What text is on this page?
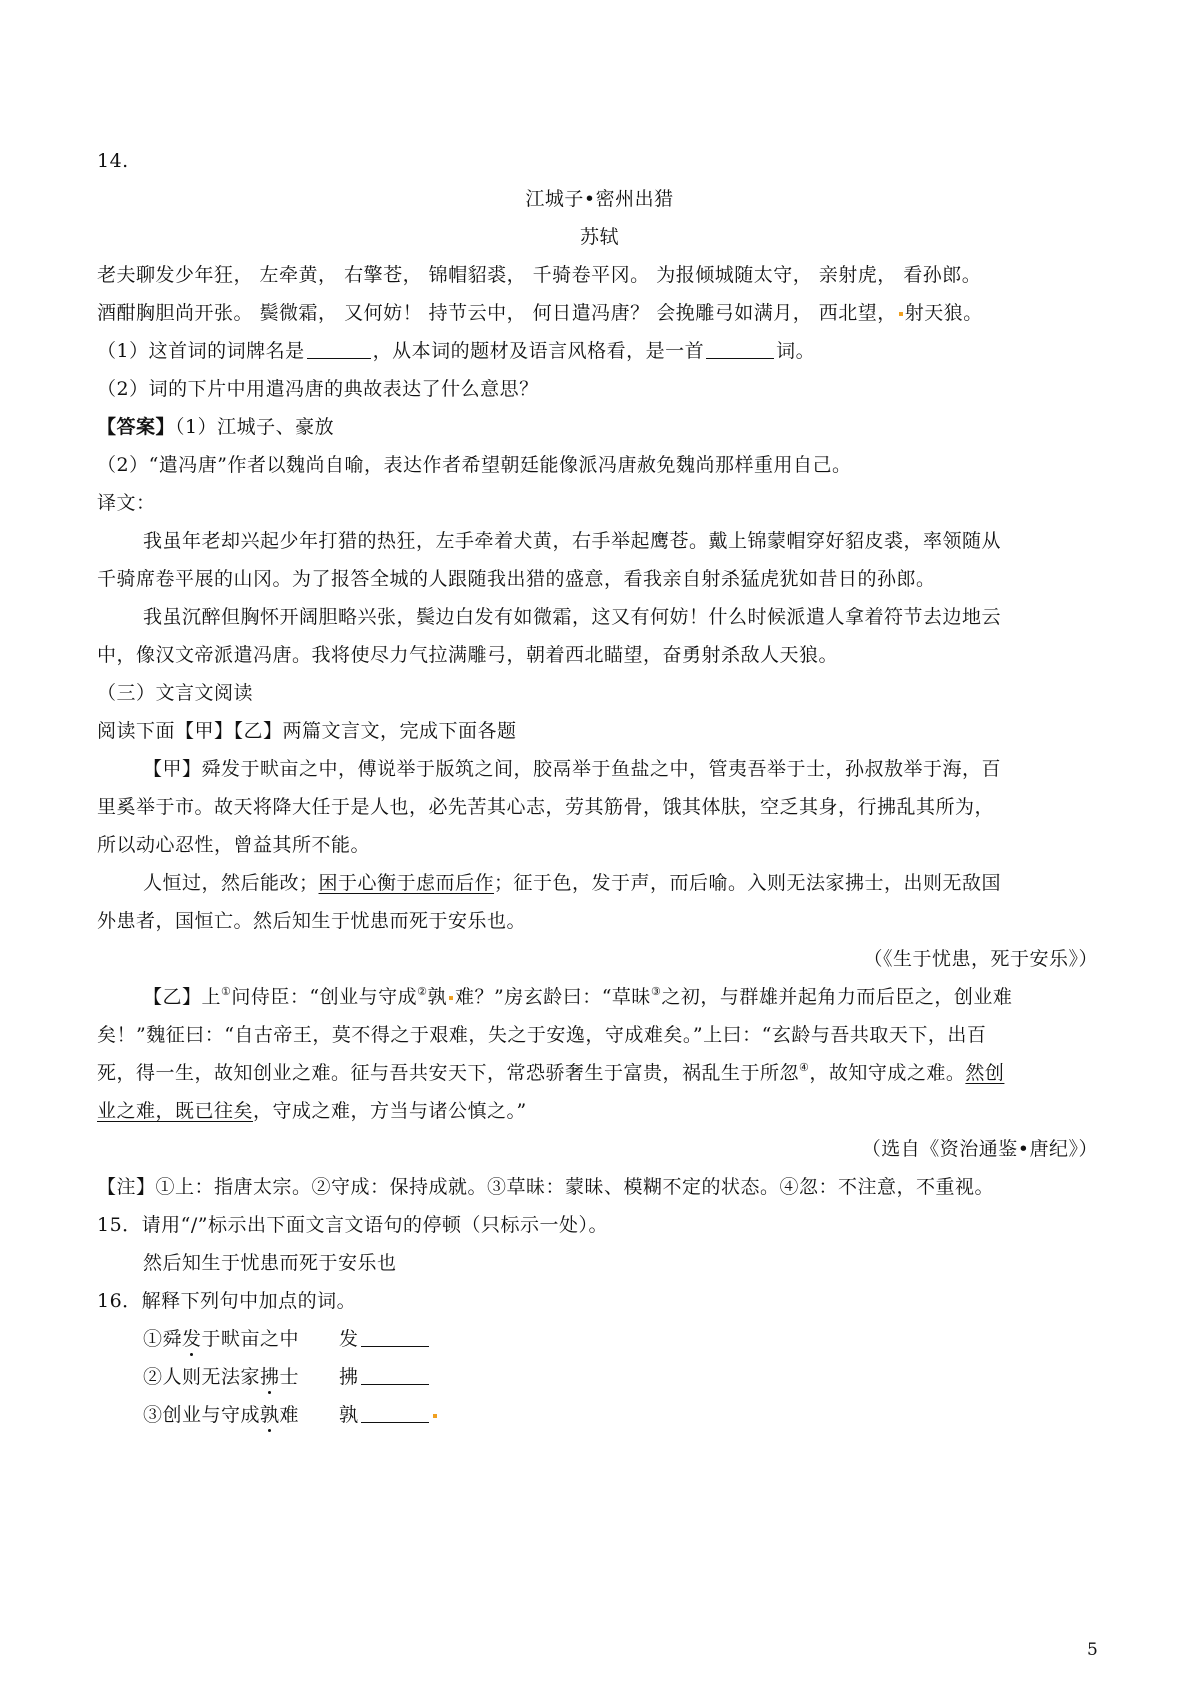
14.
江城子•密州出猎
苏轼
老夫聊发少年狂， 左牵黄， 右擎苍， 锦帽貂裘， 千骑卷平冈。 为报倾城随太守， 亲射虎， 看孙郎。
酒酣胸胆尚开张。 鬓微霜， 又何妨！ 持节云中， 何日遣冯唐？ 会挽雕弓如满月， 西北望， 射天狼。
（1）这首词的词牌名是	，从本词的题材及语言风格看，是一首	词。
（2）词的下片中用遣冯唐的典故表达了什么意思？
【答案】（1）江城子、豪放
（2）“遣冯唐”作者以魏尚自喻，表达作者希望朝廷能像派冯唐赦免魏尚那样重用自己。
译文：
我虽年老却兴起少年打猎的热狂，左手牵着犬黄，右手举起鹰苍。戴上锦蒙帽穿好貂皮裘，率领随从
千骑席卷平展的山冈。为了报答全城的人跟随我出猎的盛意，看我亲自射杀猛虎犹如昔日的孙郎。
我虽沉醉但胸怀开阔胆略兴张，鬓边白发有如微霜，这又有何妨！什么时候派遣人拿着符节去边地云
中，像汉文帝派遣冯唐。我将使尽力气拉满雕弓，朝着西北瞄望，奋勇射杀敌人天狼。
（三）文言文阅读
阅读下面【甲】【乙】两篇文言文，完成下面各题
【甲】舜发于畎亩之中，傅说举于版筑之间，胶鬲举于鱼盐之中，管夷吾举于士，孙叔敖举于海，百
里奚举于市。故天将降大任于是人也，必先苦其心志，劳其筋骨，饿其体肤，空乏其身，行拂乱其所为，
所以动心忍性，曾益其所不能。
人恒过，然后能改；困于心衡于虑而后作；征于色，发于声，而后喻。入则无法家拂士，出则无敌国
外患者，国恒亡。然后知生于忧患而死于安乐也。
（《生于忧患，死于安乐》）
【乙】上①问侍臣：“创业与守成②孰 难？”房玄龄曰：“草昧③之初，与群雄并起角力而后臣之，创业难
矣！”魏征曰：“自古帝王，莫不得之于艰难，失之于安逸，守成难矣。”上曰：“玄龄与吾共取天下，出百
死，得一生，故知创业之难。征与吾共安天下，常恐骄奢生于富贵，祸乱生于所忽④，故知守成之难。然创
业之难，既已往矣，守成之难，方当与诸公慎之。”
（选自《资治通鉴•唐纪》）
【注】①上：指唐太宗。②守成：保持成就。③草昧：蒙昧、模糊不定的状态。④忽：不注意，不重视。
15．请用“/”标示出下面文言文语句的停顿（只标示一处）。
然后知生于忧患而死于安乐也
16．解释下列句中加点的词。
①舜发于畎亩之中 发
②人则无法家拂士 拂
③创业与守成孰难 孰
5
